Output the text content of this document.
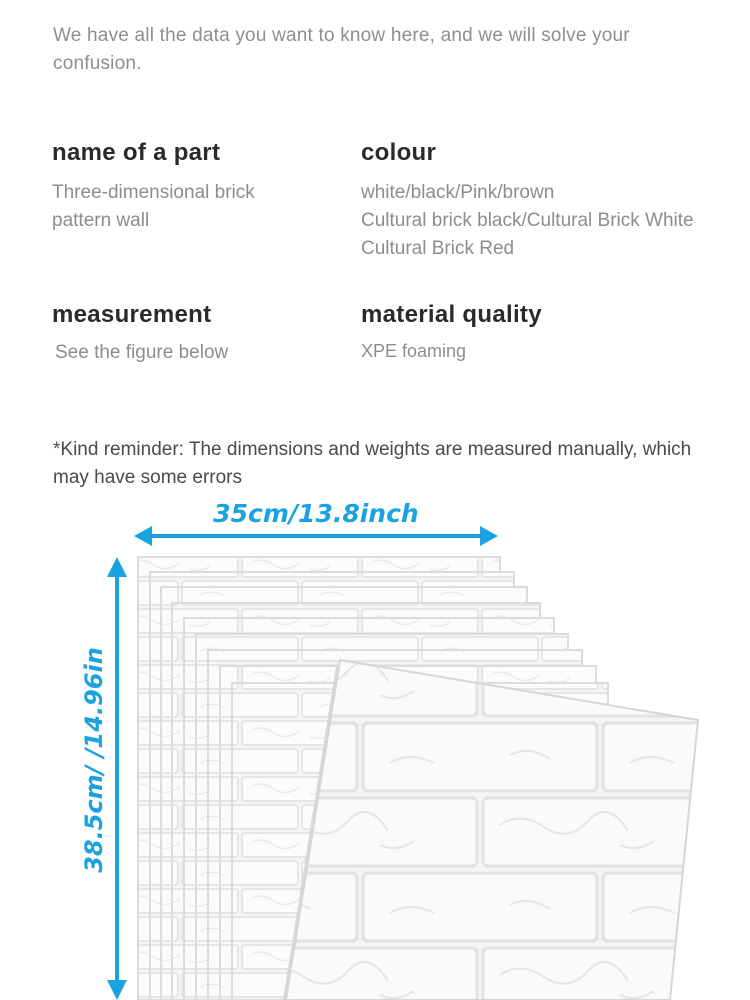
We have all the data you want to know here, and we will solve your confusion.
name of a part
Three-dimensional brick
pattern wall
colour
white/black/Pink/brown
Cultural brick black/Cultural Brick White
Cultural Brick Red
measurement
See the figure below
material quality
XPE foaming
*Kind reminder: The dimensions and weights are measured manually, which may have some errors
35cm/13.8inch
38.5cm/ /14.96in
